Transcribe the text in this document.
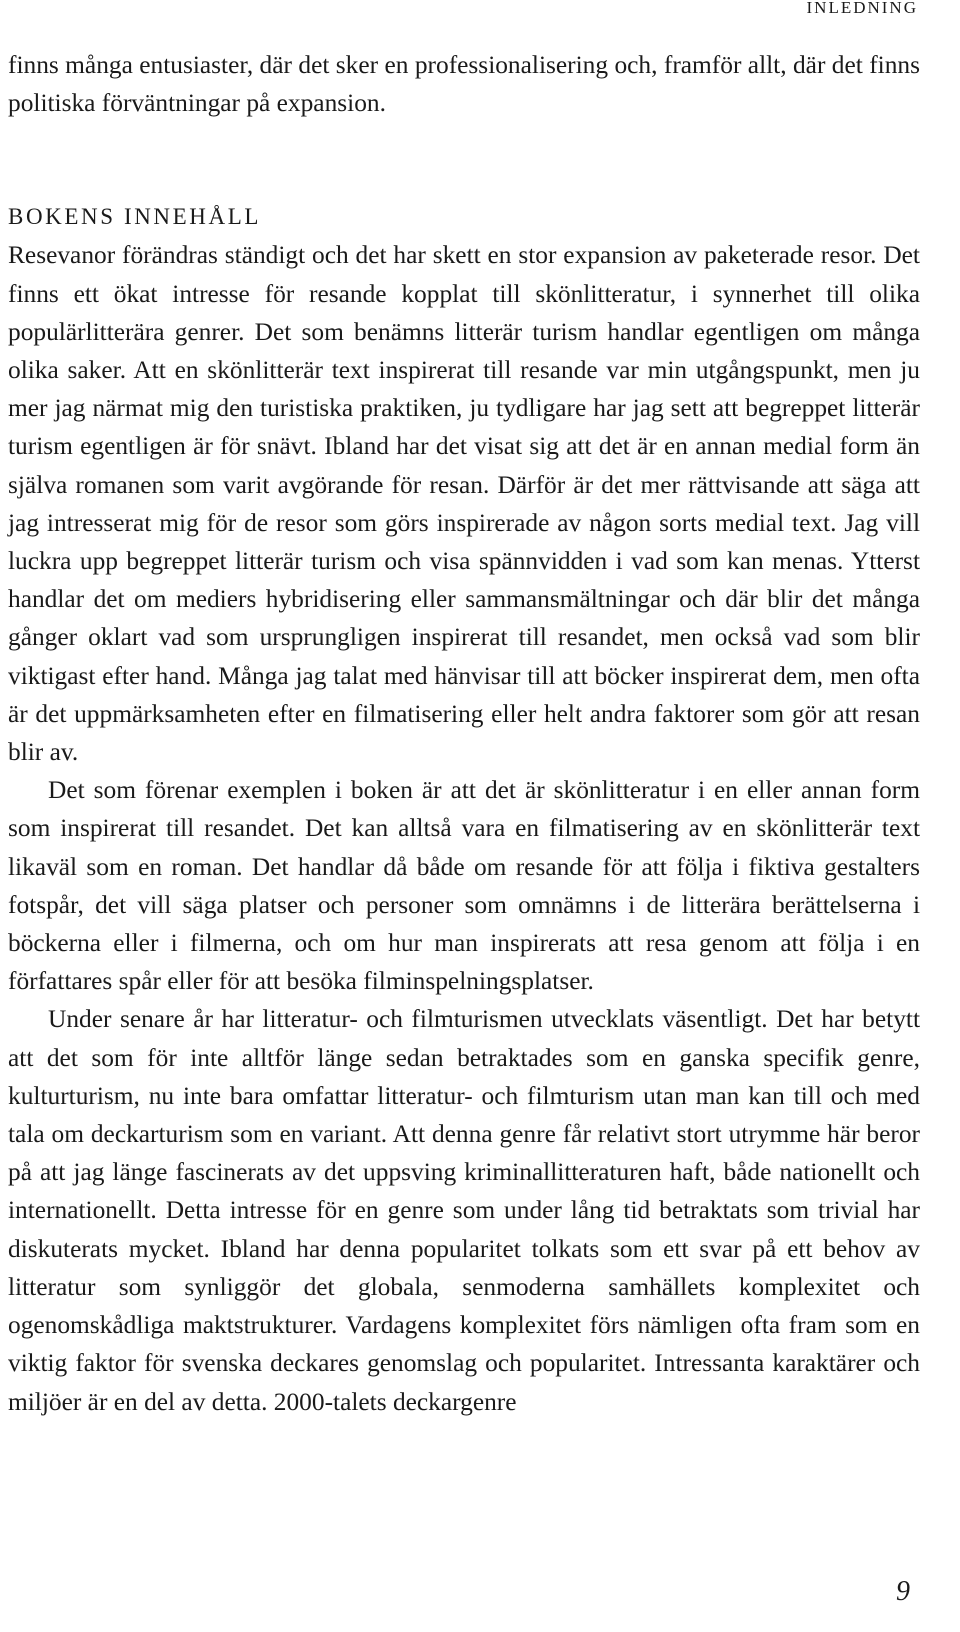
INLEDNING

finns många entusiaster, där det sker en professionalisering och, framför allt, där det finns politiska förväntningar på expansion.

BOKENS INNEHÅLL

Resevanor förändras ständigt och det har skett en stor expansion av paketerade resor. Det finns ett ökat intresse för resande kopplat till skönlitteratur, i synnerhet till olika populärlitterära genrer. Det som benämns litterär turism handlar egentligen om många olika saker. Att en skönlitterär text inspirerat till resande var min utgångspunkt, men ju mer jag närmat mig den turistiska praktiken, ju tydligare har jag sett att begreppet litterär turism egentligen är för snävt. Ibland har det visat sig att det är en annan medial form än själva romanen som varit avgörande för resan. Därför är det mer rättvisande att säga att jag intresserat mig för de resor som görs inspirerade av någon sorts medial text. Jag vill luckra upp begreppet litterär turism och visa spännvidden i vad som kan menas. Ytterst handlar det om mediers hybridisering eller sammansmältningar och där blir det många gånger oklart vad som ursprungligen inspirerat till resandet, men också vad som blir viktigast efter hand. Många jag talat med hänvisar till att böcker inspirerat dem, men ofta är det uppmärksamheten efter en filmatisering eller helt andra faktorer som gör att resan blir av.

Det som förenar exemplen i boken är att det är skönlitteratur i en eller annan form som inspirerat till resandet. Det kan alltså vara en filmatisering av en skönlitterär text likaväl som en roman. Det handlar då både om resande för att följa i fiktiva gestalters fotspår, det vill säga platser och personer som omnämns i de litterära berättelserna i böckerna eller i filmerna, och om hur man inspirerats att resa genom att följa i en författares spår eller för att besöka filminspelningsplatser.

Under senare år har litteratur- och filmturismen utvecklats väsentligt. Det har betytt att det som för inte alltför länge sedan betraktades som en ganska specifik genre, kulturturism, nu inte bara omfattar litteratur- och filmturism utan man kan till och med tala om deckarturism som en variant. Att denna genre får relativt stort utrymme här beror på att jag länge fascinerats av det uppsving kriminallitteraturen haft, både nationellt och internationellt. Detta intresse för en genre som under lång tid betraktats som trivial har diskuterats mycket. Ibland har denna popularitet tolkats som ett svar på ett behov av litteratur som synliggör det globala, senmoderna samhällets komplexitet och ogenomskådliga maktstrukturer. Vardagens komplexitet förs nämligen ofta fram som en viktig faktor för svenska deckares genomslag och popularitet. Intressanta karaktärer och miljöer är en del av detta. 2000-talets deckargenre

9
